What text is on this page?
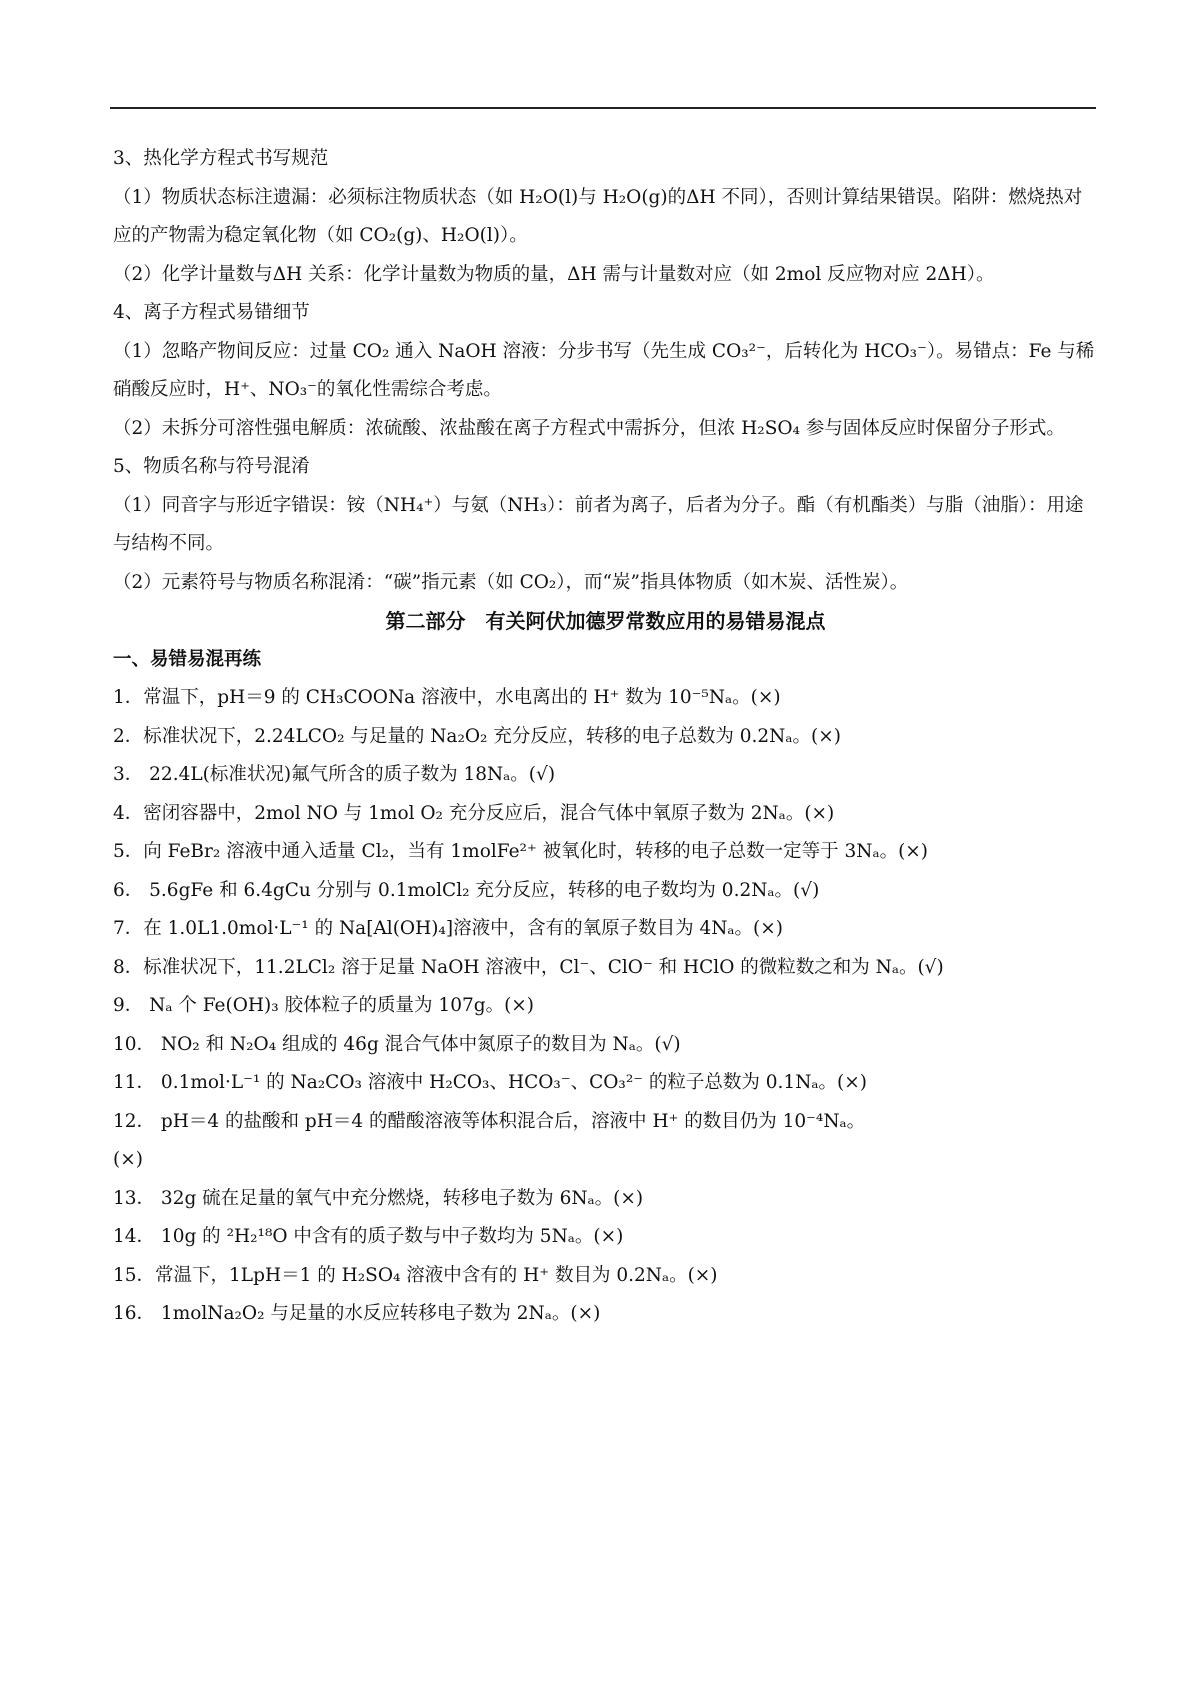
3、热化学方程式书写规范

（1）物质状态标注遗漏：必须标注物质状态（如 H₂O(l)与 H₂O(g)的ΔH 不同），否则计算结果错误。陷阱：燃烧热对应的产物需为稳定氧化物（如 CO₂(g)、H₂O(l)）。

（2）化学计量数与ΔH 关系：化学计量数为物质的量，ΔH 需与计量数对应（如 2mol 反应物对应 2ΔH）。

4、离子方程式易错细节

（1）忽略产物间反应：过量 CO₂ 通入 NaOH 溶液：分步书写（先生成 CO₃²⁻，后转化为 HCO₃⁻）。易错点：Fe 与稀硝酸反应时，H⁺、NO₃⁻的氧化性需综合考虑。

（2）未拆分可溶性强电解质：浓硫酸、浓盐酸在离子方程式中需拆分，但浓 H₂SO₄ 参与固体反应时保留分子形式。

5、物质名称与符号混淆

（1）同音字与形近字错误：铵（NH₄⁺）与氨（NH₃）：前者为离子，后者为分子。酯（有机酯类）与脂（油脂）：用途与结构不同。

（2）元素符号与物质名称混淆：“碳”指元素（如 CO₂），而“炭”指具体物质（如木炭、活性炭）。

第二部分　有关阿伏加德罗常数应用的易错易混点

一、易错易混再练

1．常温下，pH＝9 的 CH₃COONa 溶液中，水电离出的 H⁺ 数为 10⁻⁵Nₐ。(×)

2．标准状况下，2.24LCO₂ 与足量的 Na₂O₂ 充分反应，转移的电子总数为 0.2Nₐ。(×)

3． 22.4L(标准状况)氟气所含的质子数为 18Nₐ。(√)

4．密闭容器中，2mol NO 与 1mol O₂ 充分反应后，混合气体中氧原子数为 2Nₐ。(×)

5．向 FeBr₂ 溶液中通入适量 Cl₂，当有 1molFe²⁺ 被氧化时，转移的电子总数一定等于 3Nₐ。(×)

6． 5.6gFe 和 6.4gCu 分别与 0.1molCl₂ 充分反应，转移的电子数均为 0.2Nₐ。(√)

7．在 1.0L1.0mol·L⁻¹ 的 Na[Al(OH)₄]溶液中，含有的氧原子数目为 4Nₐ。(×)

8．标准状况下，11.2LCl₂ 溶于足量 NaOH 溶液中，Cl⁻、ClO⁻ 和 HClO 的微粒数之和为 Nₐ。(√)

9． Nₐ 个 Fe(OH)₃ 胶体粒子的质量为 107g。(×)

10． NO₂ 和 N₂O₄ 组成的 46g 混合气体中氮原子的数目为 Nₐ。(√)

11． 0.1mol·L⁻¹ 的 Na₂CO₃ 溶液中 H₂CO₃、HCO₃⁻、CO₃²⁻ 的粒子总数为 0.1Nₐ。(×)

12． pH＝4 的盐酸和 pH＝4 的醋酸溶液等体积混合后，溶液中 H⁺ 的数目仍为 10⁻⁴Nₐ。

(×)

13． 32g 硫在足量的氧气中充分燃烧，转移电子数为 6Nₐ。(×)

14． 10g 的 ²H₂¹⁸O 中含有的质子数与中子数均为 5Nₐ。(×)

15．常温下，1LpH＝1 的 H₂SO₄ 溶液中含有的 H⁺ 数目为 0.2Nₐ。(×)

16． 1molNa₂O₂ 与足量的水反应转移电子数为 2Nₐ。(×)
